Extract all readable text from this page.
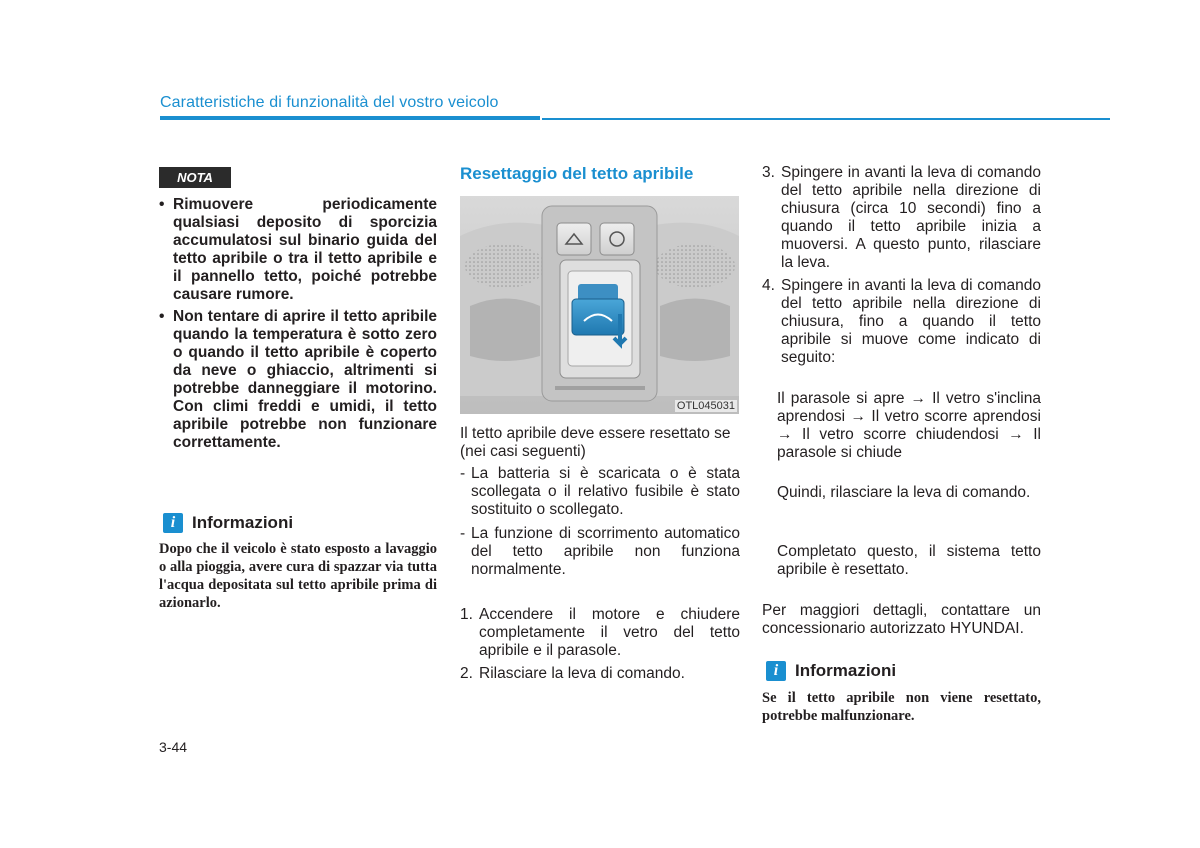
Caratteristiche di funzionalità del vostro veicolo
NOTA
• Rimuovere periodicamente qualsiasi deposito di sporcizia accumulatosi sul binario guida del tetto apribile o tra il tetto apribile e il pannello tetto, poiché potrebbe causare rumore.
• Non tentare di aprire il tetto apribile quando la temperatura è sotto zero o quando il tetto apribile è coperto da neve o ghiaccio, altrimenti si potrebbe danneggiare il motorino. Con climi freddi e umidi, il tetto apribile potrebbe non funzionare correttamente.
i Informazioni
Dopo che il veicolo è stato esposto a lavaggio o alla pioggia, avere cura di spazzar via tutta l'acqua depositata sul tetto apribile prima di azionarlo.
3-44
Resettaggio del tetto apribile
OTL045031
Il tetto apribile deve essere resettato se (nei casi seguenti)
- La batteria si è scaricata o è stata scollegata o il relativo fusibile è stato sostituito o scollegato.
- La funzione di scorrimento automatico del tetto apribile non funziona normalmente.
1. Accendere il motore e chiudere completamente il vetro del tetto apribile e il parasole.
2. Rilasciare la leva di comando.
3. Spingere in avanti la leva di comando del tetto apribile nella direzione di chiusura (circa 10 secondi) fino a quando il tetto apribile inizia a muoversi. A questo punto, rilasciare la leva.
4. Spingere in avanti la leva di comando del tetto apribile nella direzione di chiusura, fino a quando il tetto apribile si muove come indicato di seguito:
Il parasole si apre → Il vetro s'inclina aprendosi → Il vetro scorre aprendosi → Il vetro scorre chiudendosi → Il parasole si chiude
Quindi, rilasciare la leva di comando.
Completato questo, il sistema tetto apribile è resettato.
Per maggiori dettagli, contattare un concessionario autorizzato HYUNDAI.
i Informazioni
Se il tetto apribile non viene resettato, potrebbe malfunzionare.
